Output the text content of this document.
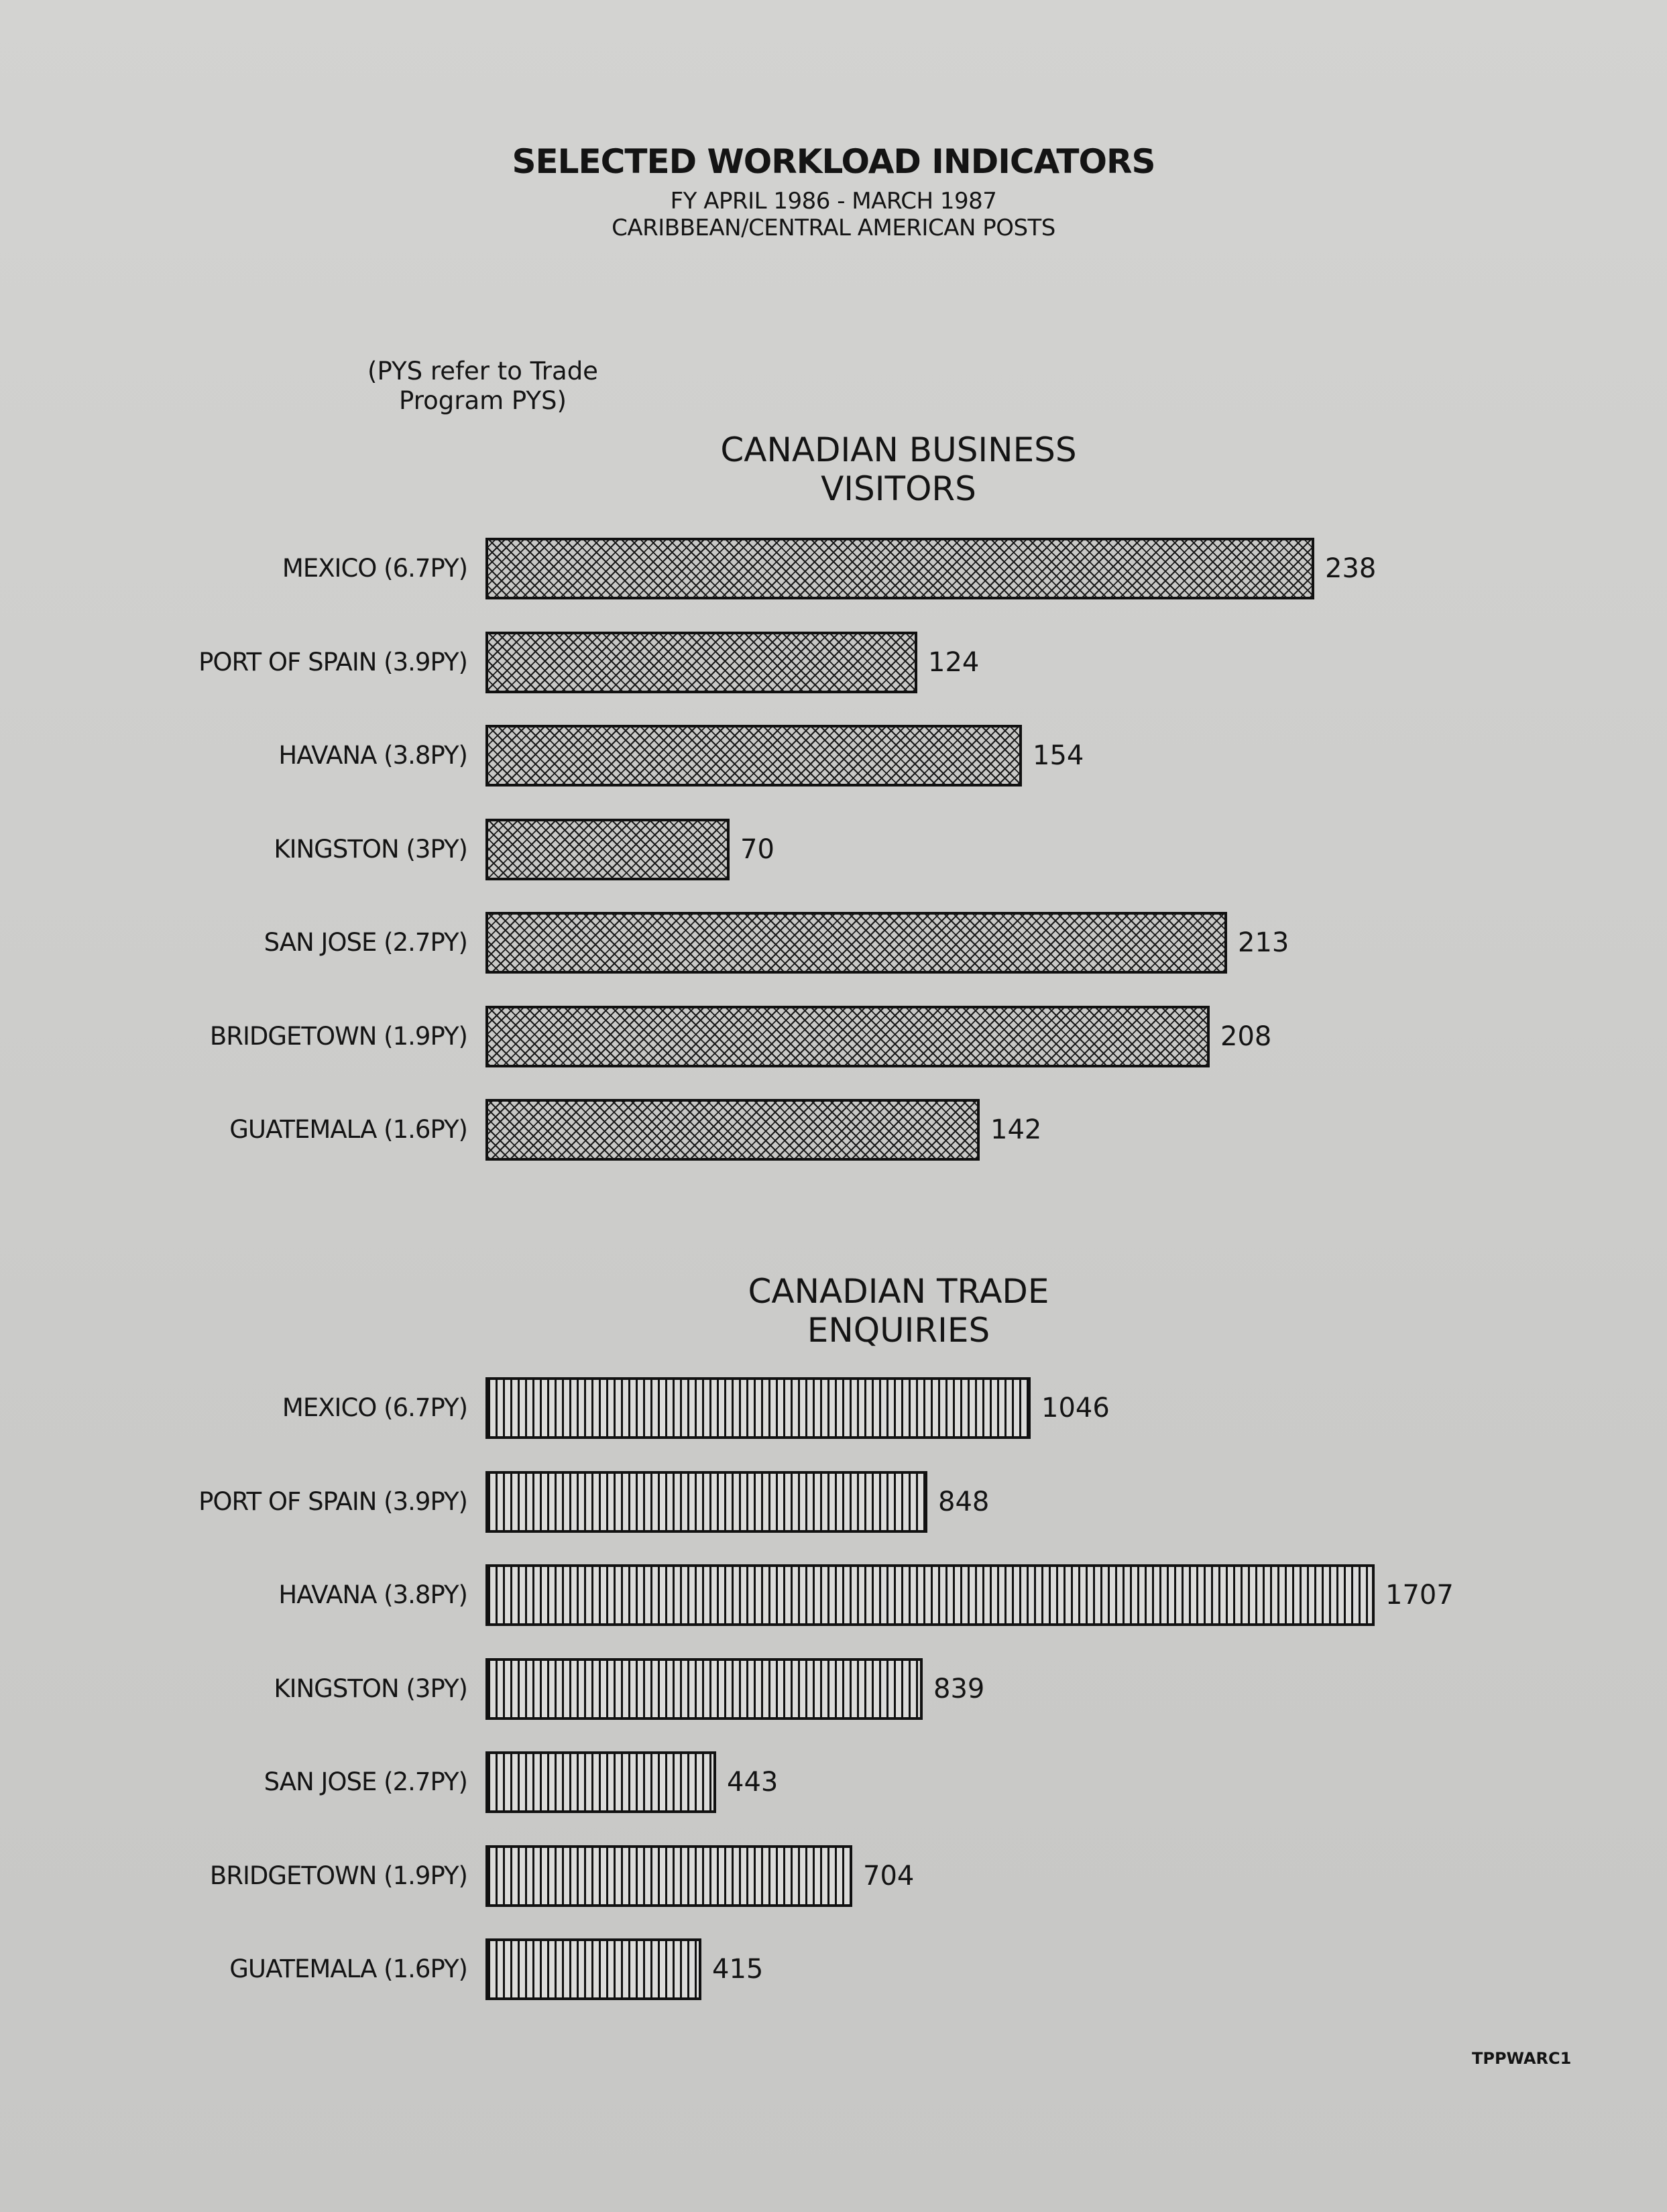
SELECTED WORKLOAD INDICATORS
FY APRIL 1986 - MARCH 1987
CARIBBEAN/CENTRAL AMERICAN POSTS
(PYS refer to Trade
Program PYS)
CANADIAN BUSINESS
VISITORS
MEXICO (6.7PY)	238
PORT OF SPAIN (3.9PY)	124
HAVANA (3.8PY)	154
KINGSTON (3PY)	70
SAN JOSE (2.7PY)	213
BRIDGETOWN (1.9PY)	208
GUATEMALA (1.6PY)	142
CANADIAN TRADE
ENQUIRIES
MEXICO (6.7PY)	1046
PORT OF SPAIN (3.9PY)	848
HAVANA (3.8PY)	1707
KINGSTON (3PY)	839
SAN JOSE (2.7PY)	443
BRIDGETOWN (1.9PY)	704
GUATEMALA (1.6PY)	415
TPPWARC1
